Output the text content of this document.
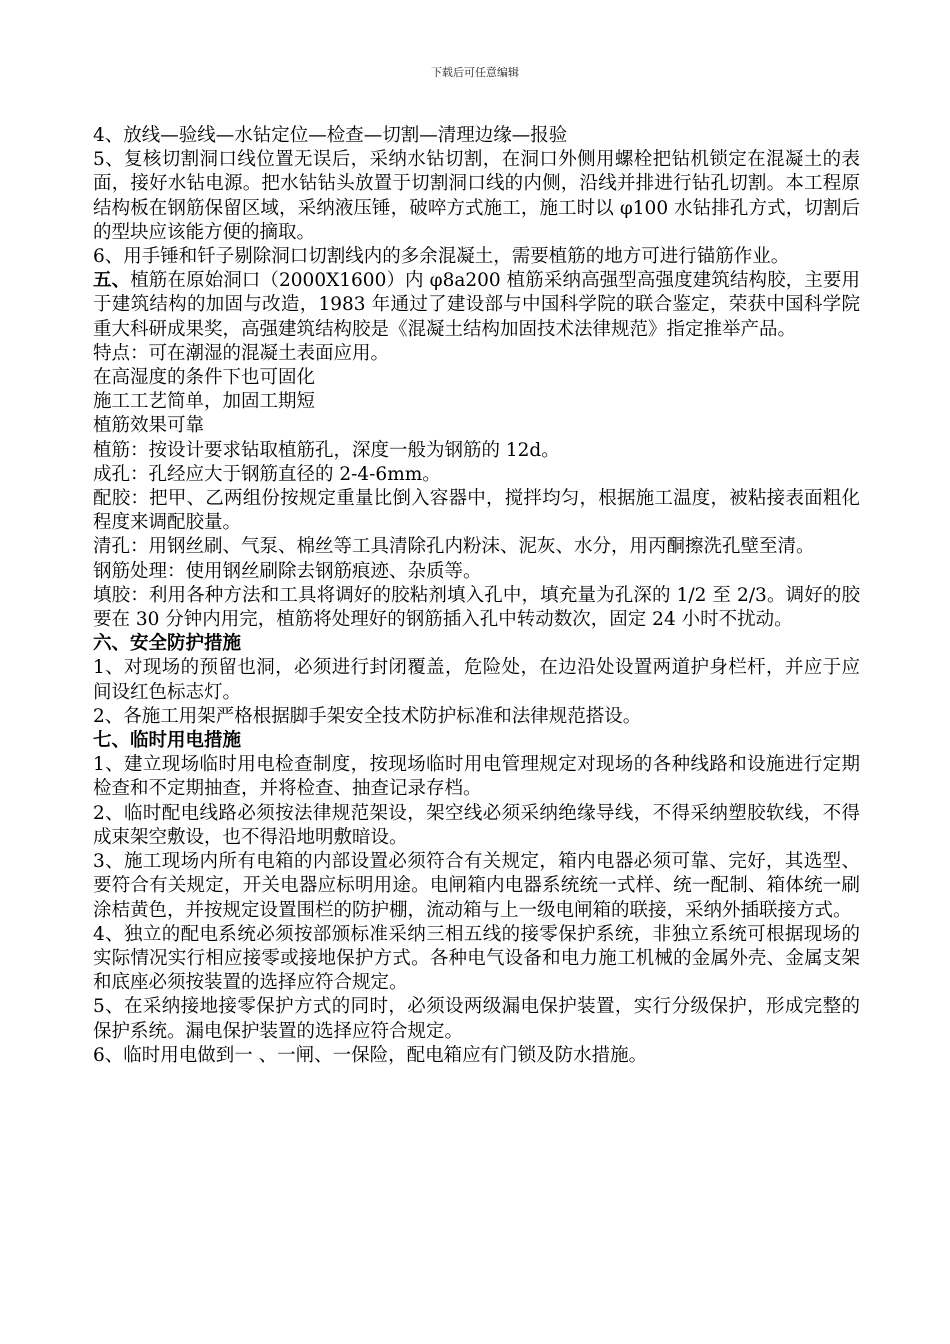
下载后可任意编辑

4、放线—验线—水钻定位—检查—切割—清理边缘—报验

5、复核切割洞口线位置无误后，采纳水钻切割，在洞口外侧用螺栓把钻机锁定在混凝土的表面，接好水钻电源。把水钻钻头放置于切割洞口线的内侧，沿线并排进行钻孔切割。本工程原结构板在钢筋保留区域，采纳液压锤，破啐方式施工，施工时以 φ100 水钻排孔方式，切割后的型块应该能方便的摘取。

6、用手锤和钎子剔除洞口切割线内的多余混凝土，需要植筋的地方可进行锚筋作业。

五、植筋在原始洞口（2000X1600）内 φ8a200 植筋采纳高强型高强度建筑结构胶，主要用于建筑结构的加固与改造，1983 年通过了建设部与中国科学院的联合鉴定，荣获中国科学院重大科研成果奖，高强建筑结构胶是《混凝土结构加固技术法律规范》指定推举产品。

特点：可在潮湿的混凝土表面应用。

在高湿度的条件下也可固化

施工工艺简单，加固工期短

植筋效果可靠

植筋：按设计要求钻取植筋孔，深度一般为钢筋的 12d。

成孔：孔经应大于钢筋直径的 2-4-6mm。

配胶：把甲、乙两组份按规定重量比倒入容器中，搅拌均匀，根据施工温度，被粘接表面粗化程度来调配胶量。

清孔：用钢丝刷、气泵、棉丝等工具清除孔内粉沫、泥灰、水分，用丙酮擦洗孔壁至清。

钢筋处理：使用钢丝刷除去钢筋痕迹、杂质等。

填胶：利用各种方法和工具将调好的胶粘剂填入孔中，填充量为孔深的 1/2 至 2/3。调好的胶要在 30 分钟内用完，植筋将处理好的钢筋插入孔中转动数次，固定 24 小时不扰动。

六、安全防护措施

1、对现场的预留也洞，必须进行封闭覆盖，危险处，在边沿处设置两道护身栏杆，并应于应间设红色标志灯。

2、各施工用架严格根据脚手架安全技术防护标准和法律规范搭设。

七、临时用电措施

1、建立现场临时用电检查制度，按现场临时用电管理规定对现场的各种线路和设施进行定期检查和不定期抽查，并将检查、抽查记录存档。

2、临时配电线路必须按法律规范架设，架空线必须采纳绝缘导线，不得采纳塑胶软线，不得成束架空敷设，也不得沿地明敷暗设。

3、施工现场内所有电箱的内部设置必须符合有关规定，箱内电器必须可靠、完好，其选型、要符合有关规定，开关电器应标明用途。电闸箱内电器系统统一式样、统一配制、箱体统一刷涂桔黄色，并按规定设置围栏的防护棚，流动箱与上一级电闸箱的联接，采纳外插联接方式。

4、独立的配电系统必须按部颁标准采纳三相五线的接零保护系统，非独立系统可根据现场的实际情况实行相应接零或接地保护方式。各种电气设备和电力施工机械的金属外壳、金属支架和底座必须按装置的选择应符合规定。

5、在采纳接地接零保护方式的同时，必须设两级漏电保护装置，实行分级保护，形成完整的保护系统。漏电保护装置的选择应符合规定。

6、临时用电做到一 、一闸、一保险，配电箱应有门锁及防水措施。
